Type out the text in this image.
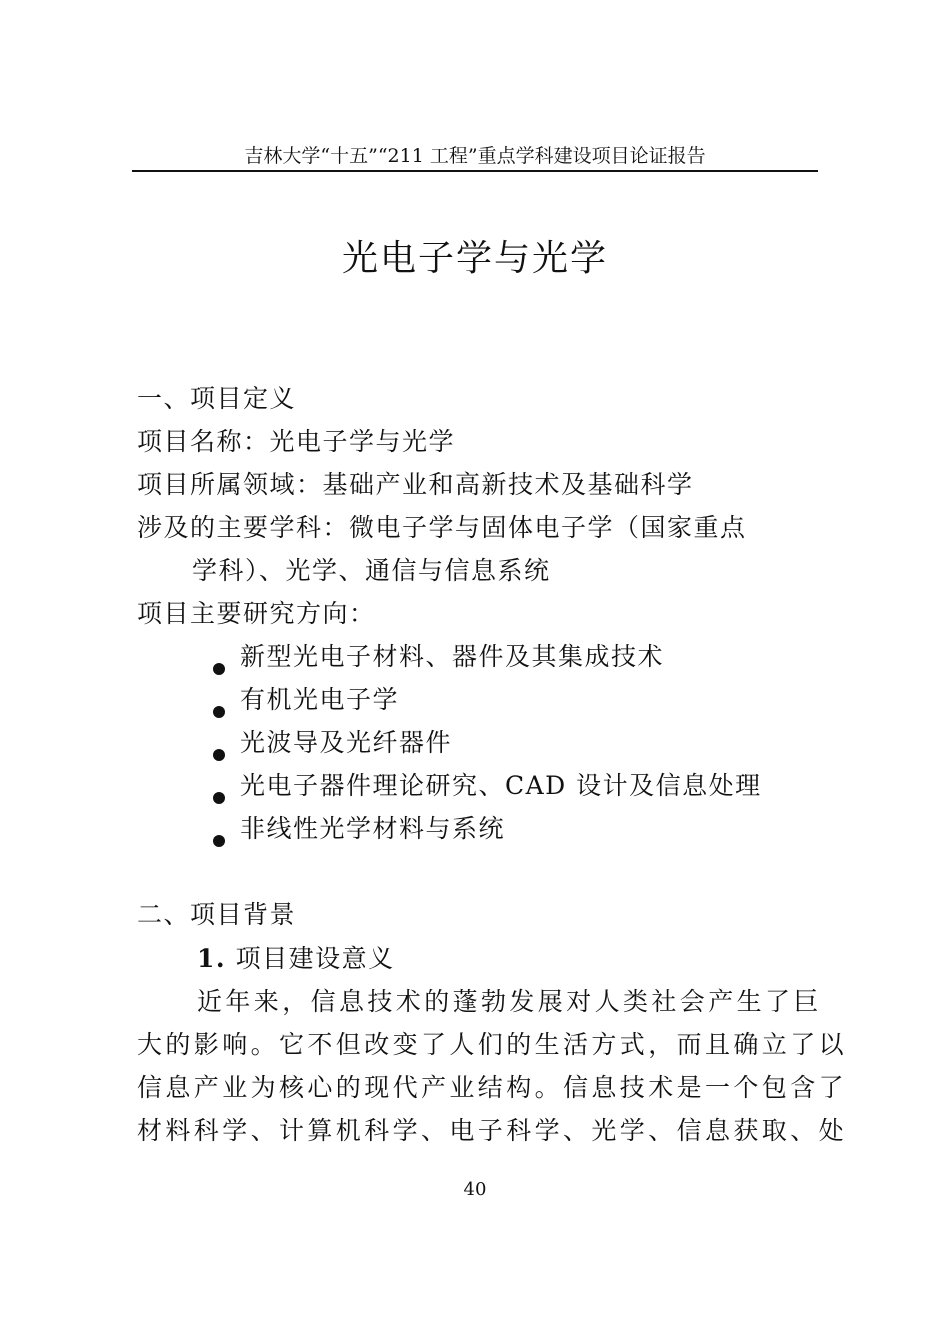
吉林大学“十五”“211 工程”重点学科建设项目论证报告
光电子学与光学
一、项目定义
项目名称：光电子学与光学
项目所属领域：基础产业和高新技术及基础科学
涉及的主要学科：微电子学与固体电子学（国家重点
学科）、光学、通信与信息系统
项目主要研究方向：
新型光电子材料、器件及其集成技术
有机光电子学
光波导及光纤器件
光电子器件理论研究、CAD 设计及信息处理
非线性光学材料与系统
二、项目背景
1. 项目建设意义
近年来，信息技术的蓬勃发展对人类社会产生了巨
大的影响。它不但改变了人们的生活方式，而且确立了以
信息产业为核心的现代产业结构。信息技术是一个包含了
材料科学、计算机科学、电子科学、光学、信息获取、处
40
